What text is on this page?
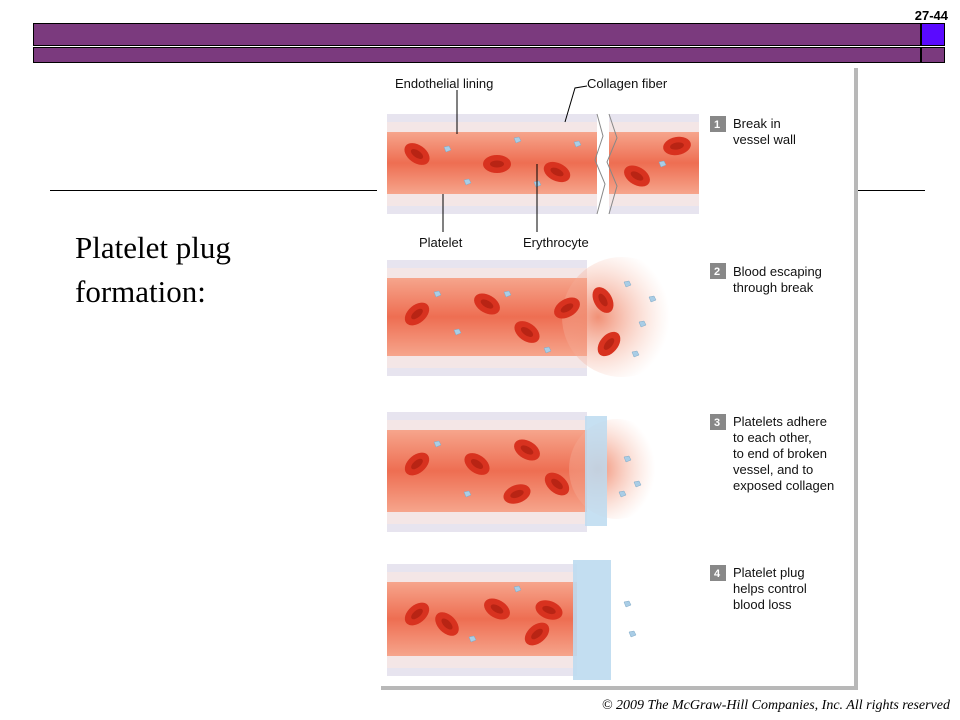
27-44
Platelet plug
formation:
Endothelial lining	Collagen fiber
Platelet	Erythrocyte
1 Break in
vessel wall
2 Blood escaping
through break
3 Platelets adhere
to each other,
to end of broken
vessel, and to
exposed collagen
4 Platelet plug
helps control
blood loss
© 2009 The McGraw-Hill Companies, Inc. All rights reserved
